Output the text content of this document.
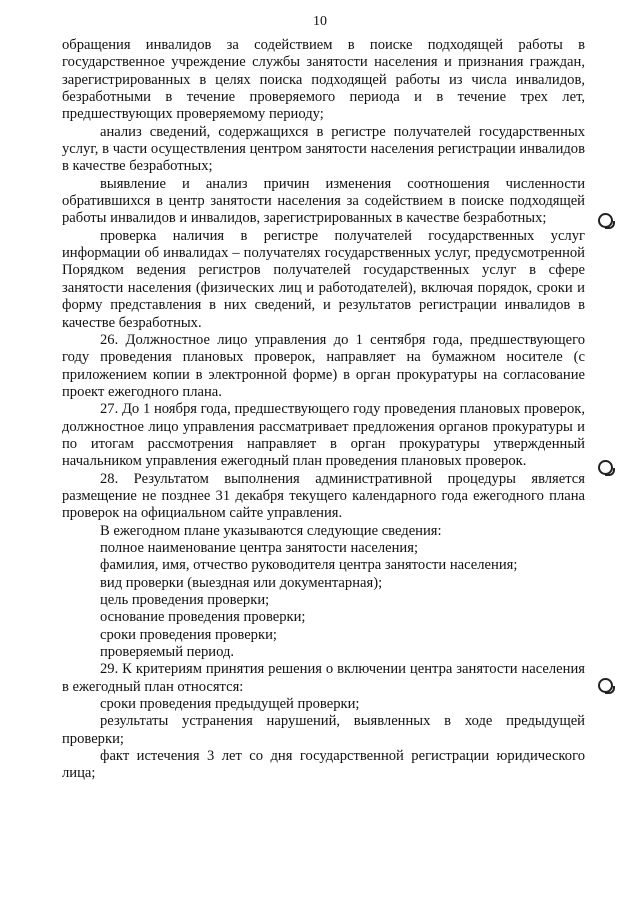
10

обращения инвалидов за содействием в поиске подходящей работы в государственное учреждение службы занятости населения и признания граждан, зарегистрированных в целях поиска подходящей работы из числа инвалидов, безработными в течение проверяемого периода и в течение трех лет, предшествующих проверяемому периоду;

анализ сведений, содержащихся в регистре получателей государственных услуг, в части осуществления центром занятости населения регистрации инвалидов в качестве безработных;

выявление и анализ причин изменения соотношения численности обратившихся в центр занятости населения за содействием в поиске подходящей работы инвалидов и инвалидов, зарегистрированных в качестве безработных;

проверка наличия в регистре получателей государственных услуг информации об инвалидах – получателях государственных услуг, предусмотренной Порядком ведения регистров получателей государственных услуг в сфере занятости населения (физических лиц и работодателей), включая порядок, сроки и форму представления в них сведений, и результатов регистрации инвалидов в качестве безработных.

26. Должностное лицо управления до 1 сентября года, предшествующего году проведения плановых проверок, направляет на бумажном носителе (с приложением копии в электронной форме) в орган прокуратуры на согласование проект ежегодного плана.

27. До 1 ноября года, предшествующего году проведения плановых проверок, должностное лицо управления рассматривает предложения органов прокуратуры и по итогам рассмотрения направляет в орган прокуратуры утвержденный начальником управления ежегодный план проведения плановых проверок.

28. Результатом выполнения административной процедуры является размещение не позднее 31 декабря текущего календарного года ежегодного плана проверок на официальном сайте управления.

В ежегодном плане указываются следующие сведения:

полное наименование центра занятости населения;

фамилия, имя, отчество руководителя центра занятости населения;

вид проверки (выездная или документарная);

цель проведения проверки;

основание проведения проверки;

сроки проведения проверки;

проверяемый период.

29. К критериям принятия решения о включении центра занятости населения в ежегодный план относятся:

сроки проведения предыдущей проверки;

результаты устранения нарушений, выявленных в ходе предыдущей проверки;

факт истечения 3 лет со дня государственной регистрации юридического лица;
